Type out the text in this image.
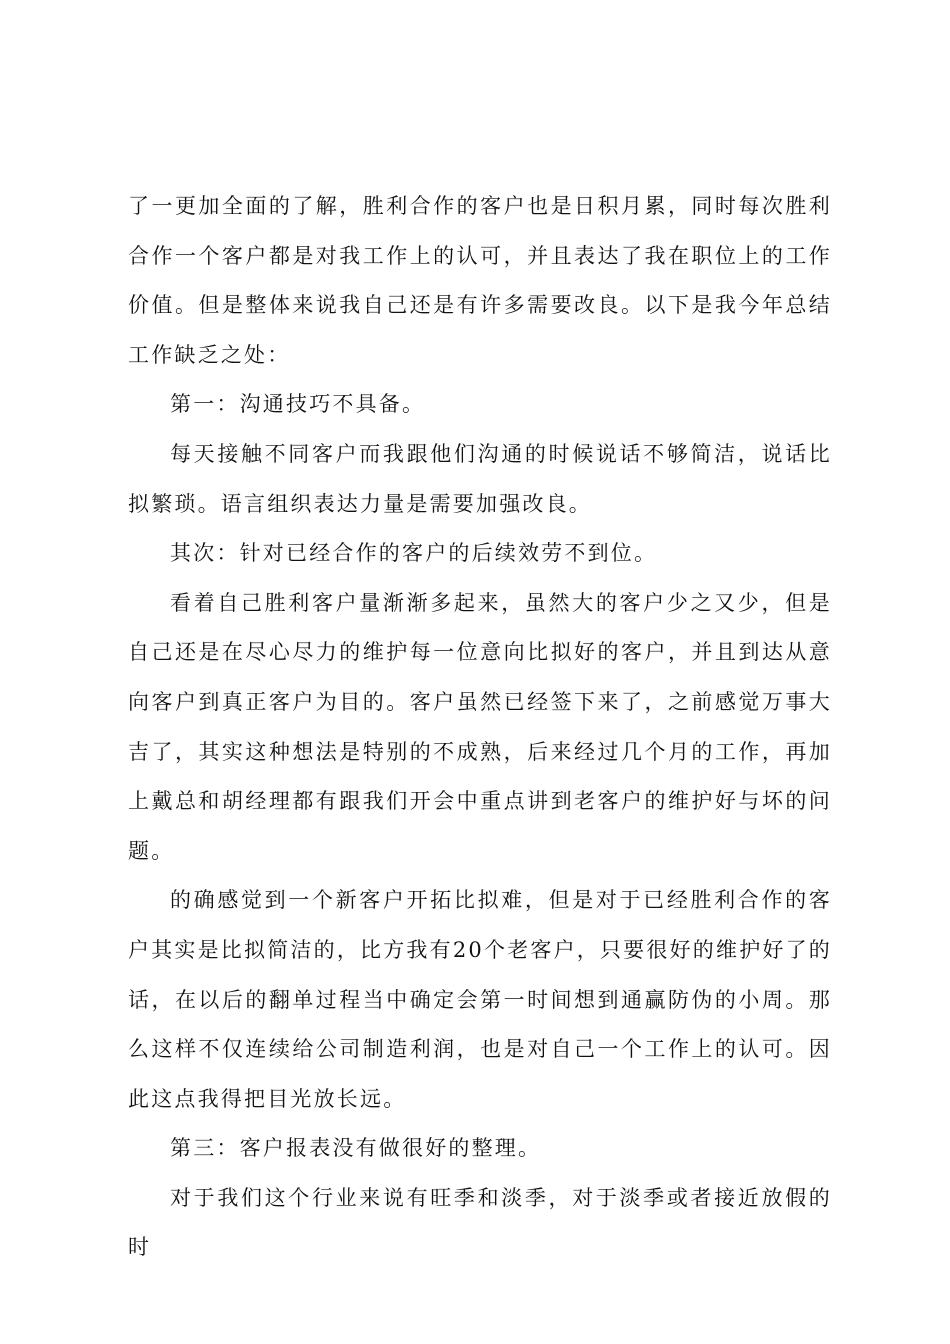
了一更加全面的了解，胜利合作的客户也是日积月累，同时每次胜利合作一个客户都是对我工作上的认可，并且表达了我在职位上的工作价值。但是整体来说我自己还是有许多需要改良。以下是我今年总结工作缺乏之处：

第一：沟通技巧不具备。

每天接触不同客户而我跟他们沟通的时候说话不够简洁，说话比拟繁琐。语言组织表达力量是需要加强改良。

其次：针对已经合作的客户的后续效劳不到位。

看着自己胜利客户量渐渐多起来，虽然大的客户少之又少，但是自己还是在尽心尽力的维护每一位意向比拟好的客户，并且到达从意向客户到真正客户为目的。客户虽然已经签下来了，之前感觉万事大吉了，其实这种想法是特别的不成熟，后来经过几个月的工作，再加上戴总和胡经理都有跟我们开会中重点讲到老客户的维护好与坏的问题。

的确感觉到一个新客户开拓比拟难，但是对于已经胜利合作的客户其实是比拟简洁的，比方我有20个老客户，只要很好的维护好了的话，在以后的翻单过程当中确定会第一时间想到通赢防伪的小周。那么这样不仅连续给公司制造利润，也是对自己一个工作上的认可。因此这点我得把目光放长远。

第三：客户报表没有做很好的整理。

对于我们这个行业来说有旺季和淡季，对于淡季或者接近放假的时
